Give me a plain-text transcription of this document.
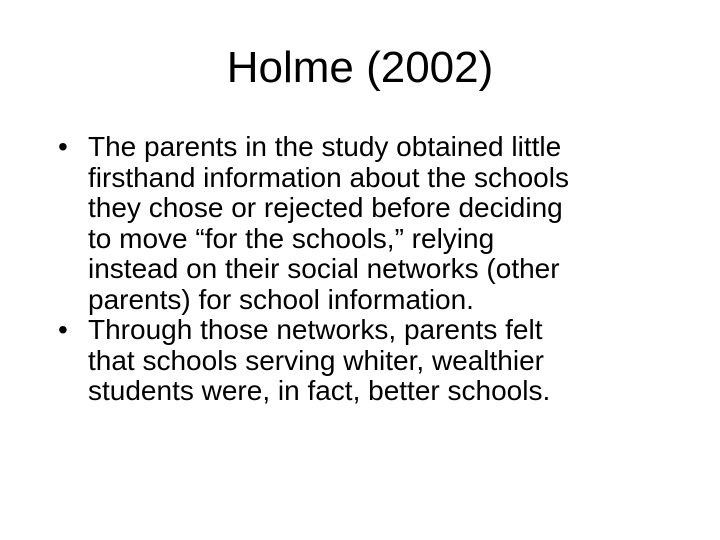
Holme (2002)
• The parents in the study obtained little
firsthand information about the schools
they chose or rejected before deciding
to move “for the schools,” relying
instead on their social networks (other
parents) for school information.
• Through those networks, parents felt
that schools serving whiter, wealthier
students were, in fact, better schools.
